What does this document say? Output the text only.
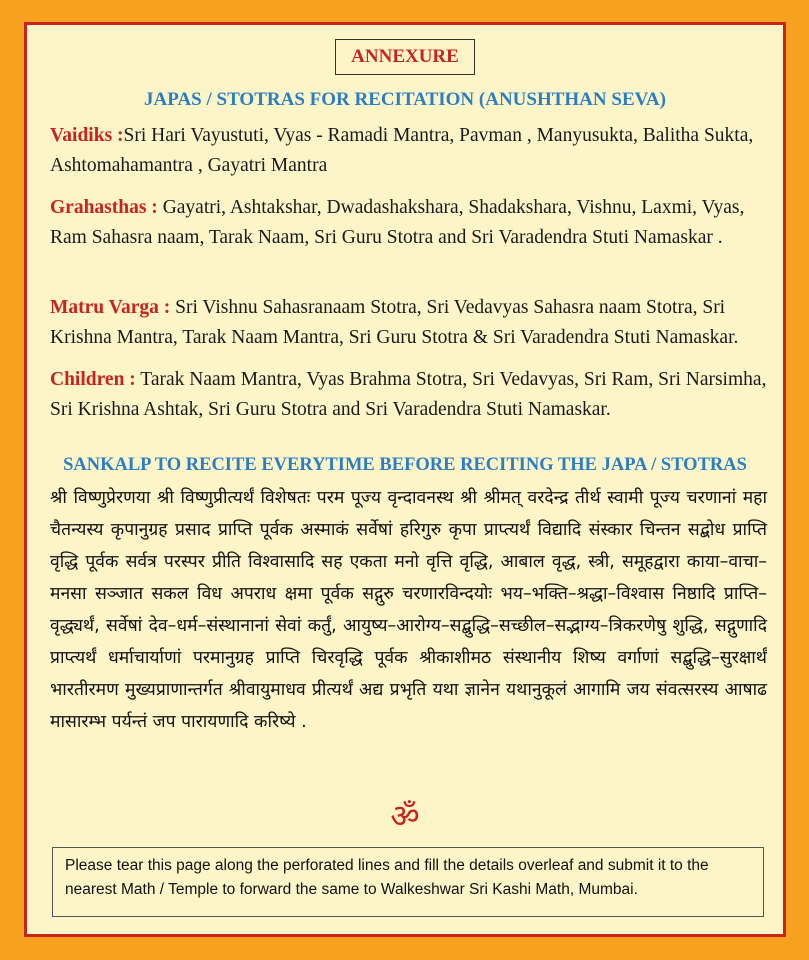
ANNEXURE
JAPAS / STOTRAS FOR RECITATION (ANUSHTHAN SEVA)
Vaidiks :Sri Hari Vayustuti, Vyas - Ramadi Mantra, Pavman , Manyusukta, Balitha Sukta, Ashtomahamantra , Gayatri Mantra
Grahasthas : Gayatri, Ashtakshar, Dwadashakshara, Shadakshara, Vishnu, Laxmi, Vyas, Ram Sahasra naam, Tarak Naam, Sri Guru Stotra and Sri Varadendra Stuti Namaskar .
Matru Varga : Sri Vishnu Sahasranaam Stotra, Sri Vedavyas Sahasra naam Stotra, Sri Krishna Mantra, Tarak Naam Mantra, Sri Guru Stotra & Sri Varadendra Stuti Namaskar.
Children : Tarak Naam Mantra, Vyas Brahma Stotra, Sri Vedavyas, Sri Ram, Sri Narsimha, Sri Krishna Ashtak, Sri Guru Stotra and Sri Varadendra Stuti Namaskar.
SANKALP TO RECITE EVERYTIME BEFORE RECITING THE JAPA / STOTRAS
श्री विष्णुप्रेरणया श्री विष्णुप्रीत्यर्थं विशेषतः परम पूज्य वृन्दावनस्थ श्री श्रीमत् वरदेन्द्र तीर्थ स्वामी पूज्य चरणानां महा चैतन्यस्य कृपानुग्रह प्रसाद प्राप्ति पूर्वक अस्माकं सर्वेषां हरिगुरु कृपा प्राप्त्यर्थं विद्यादि संस्कार चिन्तन सद्बोध प्राप्ति वृद्धि पूर्वक सर्वत्र परस्पर प्रीति विश्वासादि सह एकता मनो वृत्ति वृद्धि, आबाल वृद्ध, स्त्री, समूहद्वारा काया–वाचा–मनसा सञ्जात सकल विध अपराध क्षमा पूर्वक सद्गुरु चरणारविन्दयोः भय–भक्ति–श्रद्धा–विश्वास निष्ठादि प्राप्ति–वृद्ध्यर्थं, सर्वेषां देव–धर्म–संस्थानानां सेवां कर्तुं, आयुष्य–आरोग्य–सद्बुद्धि–सच्छील–सद्भाग्य–त्रिकरणेषु शुद्धि, सद्गुणादि प्राप्त्यर्थं धर्माचार्याणां परमानुग्रह प्राप्ति चिरवृद्धि पूर्वक श्रीकाशीमठ संस्थानीय शिष्य वर्गाणां सद्बुद्धि–सुरक्षार्थं भारतीरमण मुख्यप्राणान्तर्गत श्रीवायुमाधव प्रीत्यर्थं अद्य प्रभृति यथा ज्ञानेन यथानुकूलं आगामि जय संवत्सरस्य आषाढ मासारम्भ पर्यन्तं जप पारायणादि करिष्ये .
ॐ
Please tear this page along the perforated lines and fill the details overleaf and submit it to the nearest Math / Temple to forward the same to Walkeshwar Sri Kashi Math, Mumbai.
